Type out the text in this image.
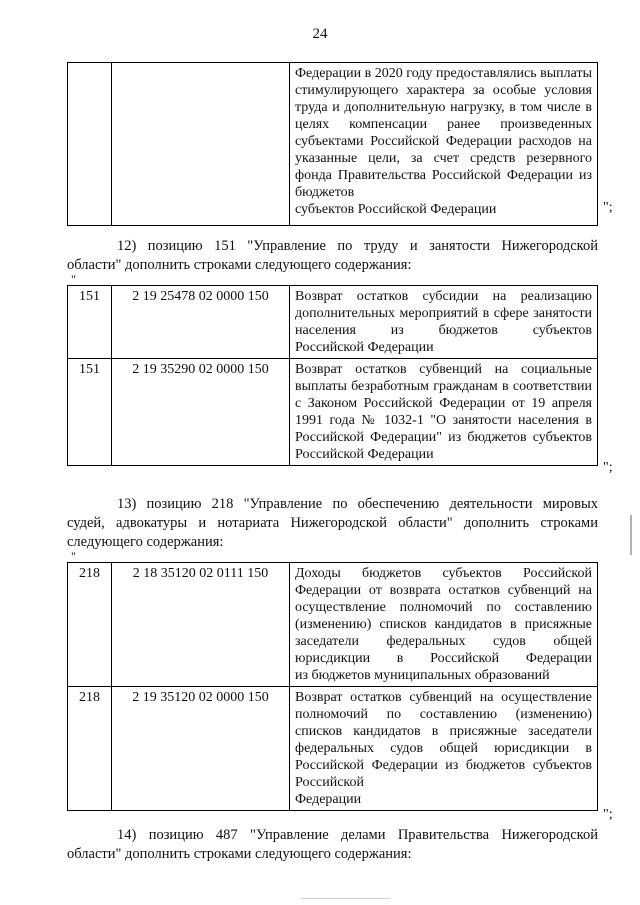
24
		Федерации в 2020 году предоставлялись выплаты стимулирующего характера за особые условия труда и дополнительную нагрузку, в том числе в целях компенсации ранее произведенных субъектами Российской Федерации расходов на указанные цели, за счет средств резервного фонда Правительства Российской Федерации из бюджетов
субъектов Российской Федерации	";
12) позицию 151 "Управление по труду и занятости Нижегородской
области" дополнить строками следующего содержания:
"
151	2 19 25478 02 0000 150	Возврат остатков субсидии на реализацию дополнительных мероприятий в сфере занятости населения из бюджетов субъектов
Российской Федерации

151	2 19 35290 02 0000 150	Возврат остатков субвенций на социальные выплаты безработным гражданам в соответствии с Законом Российской Федерации от 19 апреля 1991 года № 1032-1 "О занятости населения в Российской Федерации" из бюджетов субъектов
Российской Федерации
";
13) позицию 218 "Управление по обеспечению деятельности мировых
судей, адвокатуры и нотариата Нижегородской области" дополнить строками
следующего содержания:
"
218	2 18 35120 02 0111 150	Доходы бюджетов субъектов Российской Федерации от возврата остатков субвенций на осуществление полномочий по составлению (изменению) списков кандидатов в присяжные заседатели федеральных судов общей юрисдикции в Российской Федерации
из бюджетов муниципальных образований

218	2 19 35120 02 0000 150	Возврат остатков субвенций на осуществление полномочий по составлению (изменению) списков кандидатов в присяжные заседатели федеральных судов общей юрисдикции в Российской Федерации из бюджетов субъектов Российской
Федерации
";
14) позицию 487 "Управление делами Правительства Нижегородской
области" дополнить строками следующего содержания:
